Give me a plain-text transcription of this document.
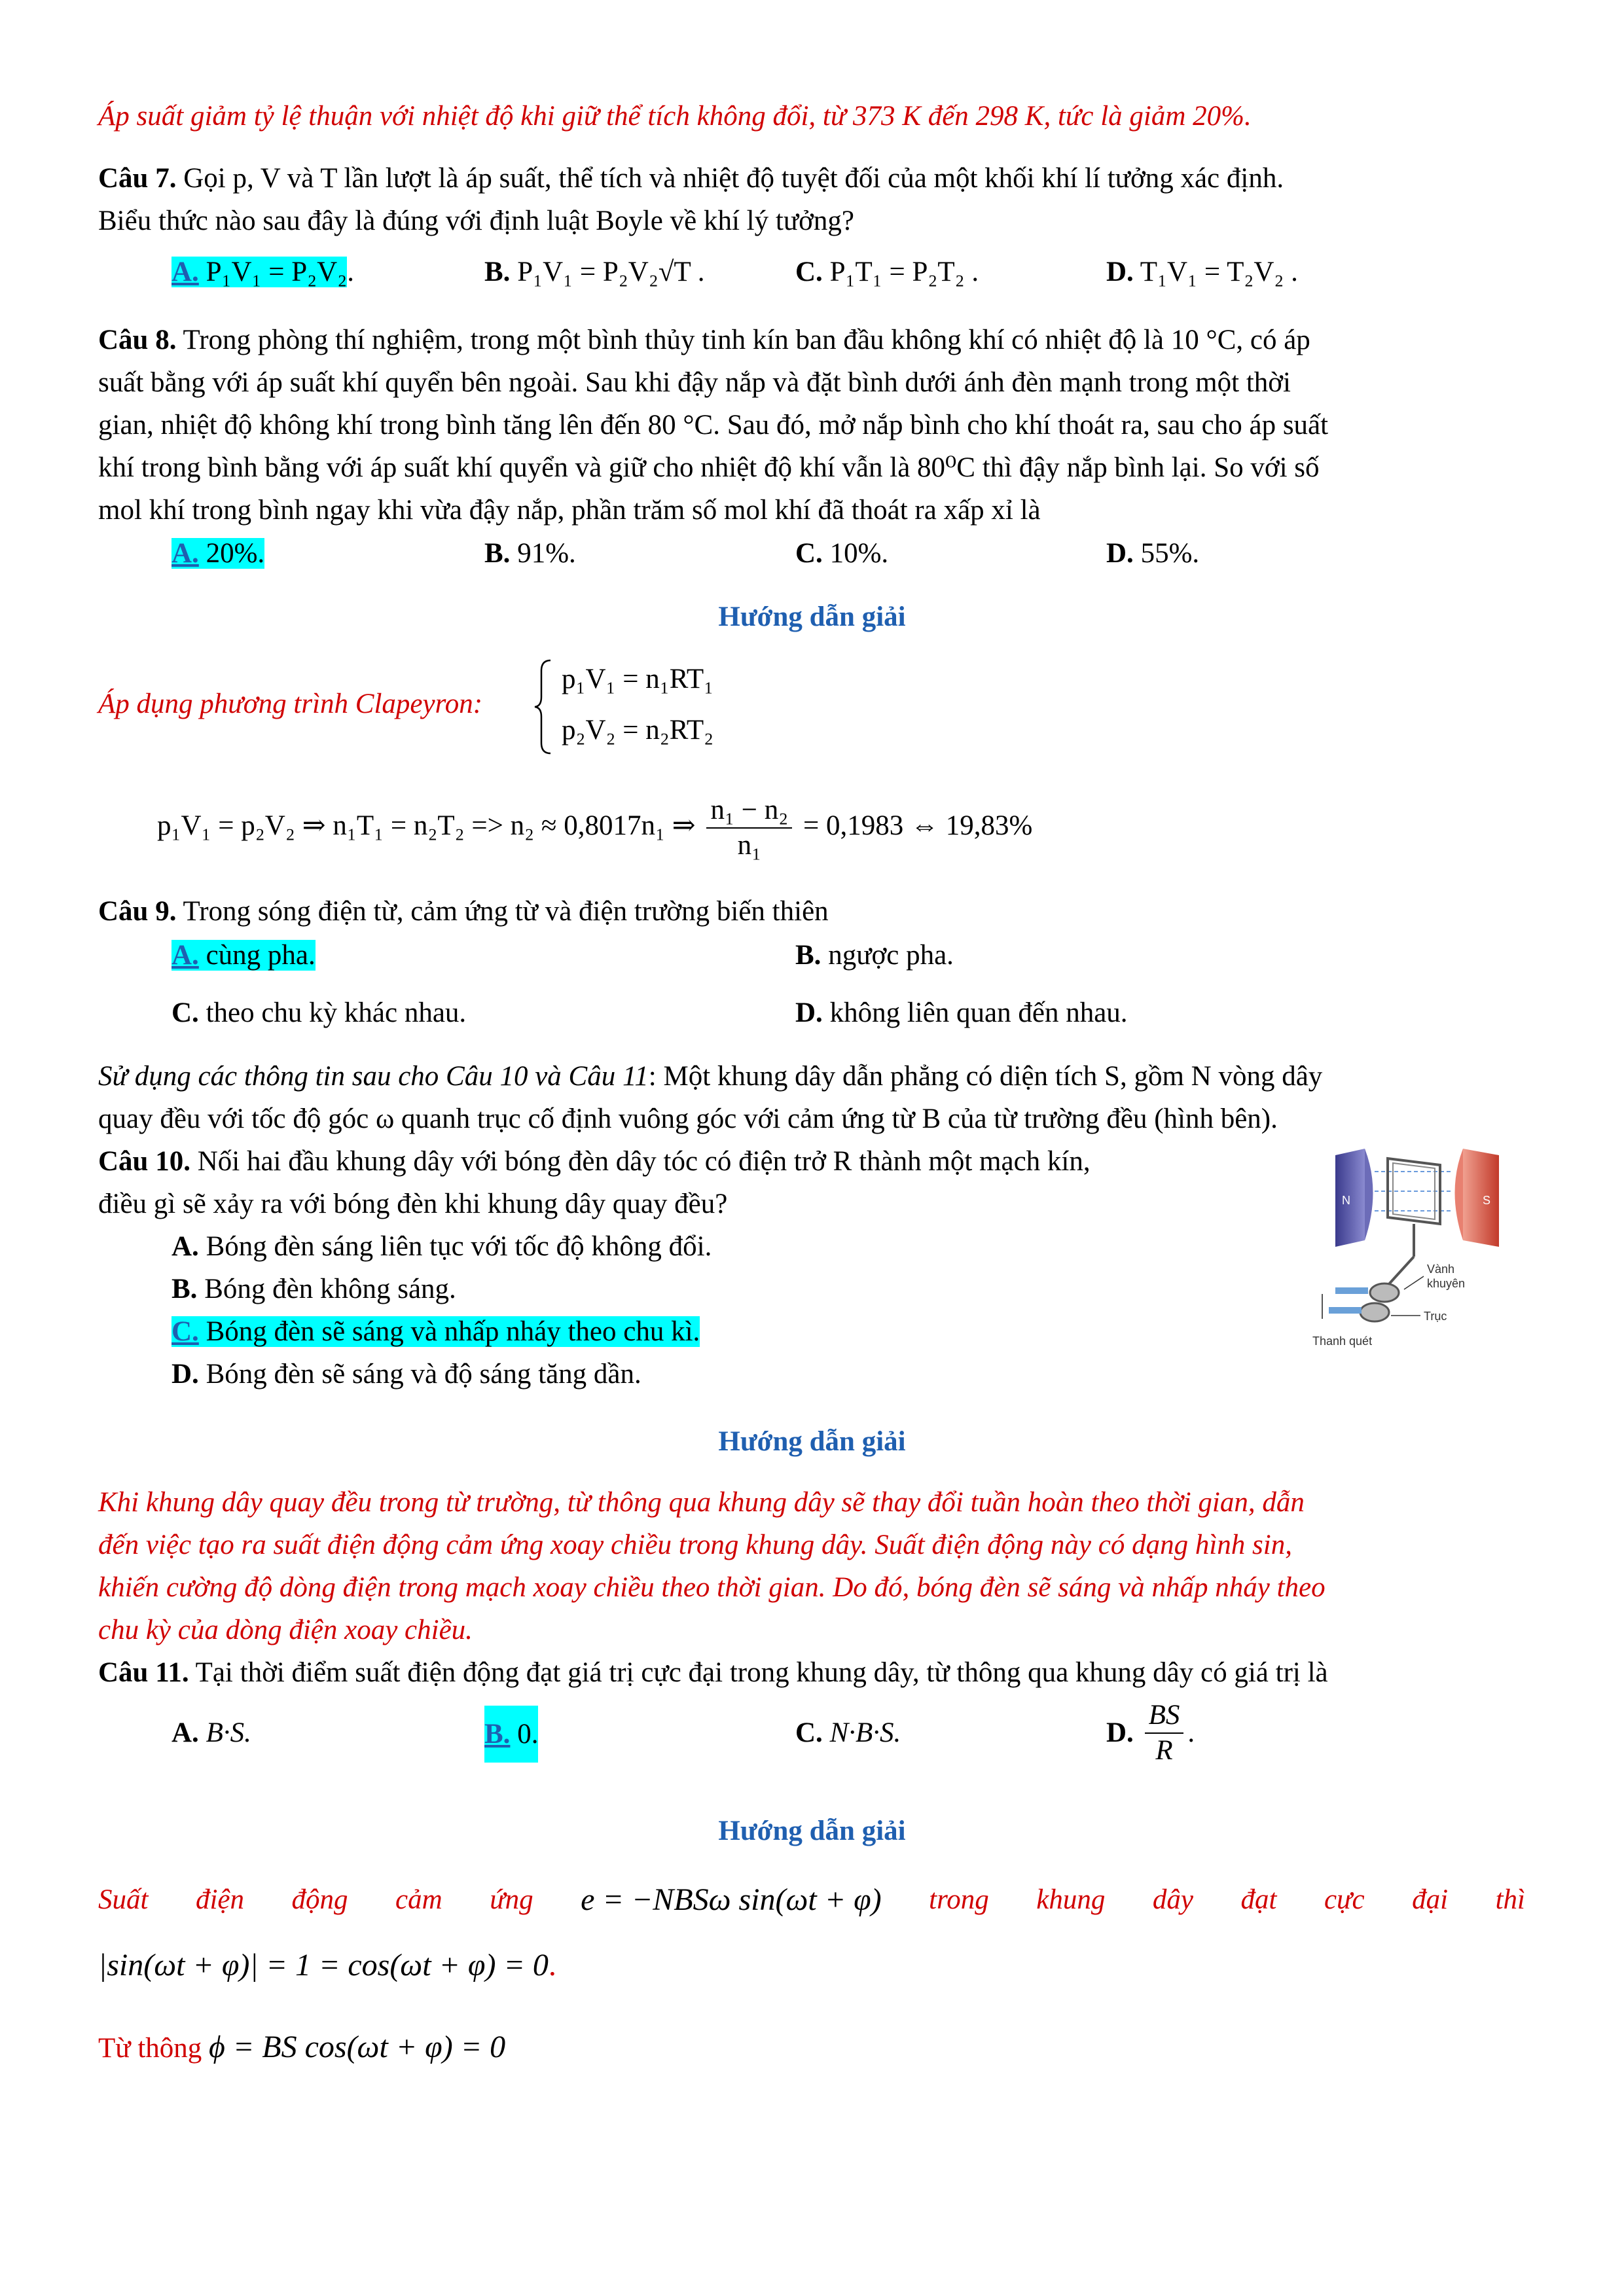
Áp suất giảm tỷ lệ thuận với nhiệt độ khi giữ thể tích không đổi, từ 373 K đến 298 K, tức là giảm 20%.
Câu 7. Gọi p, V và T lần lượt là áp suất, thể tích và nhiệt độ tuyệt đối của một khối khí lí tưởng xác định.
Biểu thức nào sau đây là đúng với định luật Boyle về khí lý tưởng?
A. P₁V₁ = P₂V₂.	B. P₁V₁ = P₂V₂√T .	C. P₁T₁ = P₂T₂ .	D. T₁V₁ = T₂V₂ .
Câu 8. Trong phòng thí nghiệm, trong một bình thủy tinh kín ban đầu không khí có nhiệt độ là 10 °C, có áp
suất bằng với áp suất khí quyển bên ngoài. Sau khi đậy nắp và đặt bình dưới ánh đèn mạnh trong một thời
gian, nhiệt độ không khí trong bình tăng lên đến 80 °C. Sau đó, mở nắp bình cho khí thoát ra, sau cho áp suất
khí trong bình bằng với áp suất khí quyển và giữ cho nhiệt độ khí vẫn là 80⁰C thì đậy nắp bình lại. So với số
mol khí trong bình ngay khi vừa đậy nắp, phần trăm số mol khí đã thoát ra xấp xỉ là
A. 20%.	B. 91%.	C. 10%.	D. 55%.
Hướng dẫn giải
Áp dụng phương trình Clapeyron:
p₁V₁ = n₁RT₁
p₂V₂ = n₂RT₂
p₁V₁ = p₂V₂ ⇒ n₁T₁ = n₂T₂ => n₂ ≈ 0,8017n₁ ⇒ $\frac{\text{n₁ − n₂}}{\text{n₁}} = 0,1983$ ⇔ 19,83%
Câu 9. Trong sóng điện từ, cảm ứng từ và điện trường biến thiên
A. cùng pha.	B. ngược pha.
C. theo chu kỳ khác nhau.	D. không liên quan đến nhau.
Sử dụng các thông tin sau cho Câu 10 và Câu 11: Một khung dây dẫn phẳng có diện tích S, gồm N vòng dây
quay đều với tốc độ góc ω quanh trục cố định vuông góc với cảm ứng từ B của từ trường đều (hình bên).
Câu 10. Nối hai đầu khung dây với bóng đèn dây tóc có điện trở R thành một mạch kín,
điều gì sẽ xảy ra với bóng đèn khi khung dây quay đều?
A. Bóng đèn sáng liên tục với tốc độ không đổi.
B. Bóng đèn không sáng.
C. Bóng đèn sẽ sáng và nhấp nháy theo chu kì.
D. Bóng đèn sẽ sáng và độ sáng tăng dần.
N	S
Vành
khuyên
Trục
Thanh quét
Hướng dẫn giải
Khi khung dây quay đều trong từ trường, từ thông qua khung dây sẽ thay đổi tuần hoàn theo thời gian, dẫn
đến việc tạo ra suất điện động cảm ứng xoay chiều trong khung dây. Suất điện động này có dạng hình sin,
khiến cường độ dòng điện trong mạch xoay chiều theo thời gian. Do đó, bóng đèn sẽ sáng và nhấp nháy theo
chu kỳ của dòng điện xoay chiều.
Câu 11. Tại thời điểm suất điện động đạt giá trị cực đại trong khung dây, từ thông qua khung dây có giá trị là
A. B·S.	B. 0.	C. N·B·S.	D. $\frac{BS}{R}$ .
Hướng dẫn giải
Suất điện động cảm ứng e = −NBSω sin(ωt + φ) trong khung dây đạt cực đại thì
|sin(ωt + φ)| = 1 = cos(ωt + φ) = 0.
Từ thông ϕ = BS cos(ωt + φ) = 0
